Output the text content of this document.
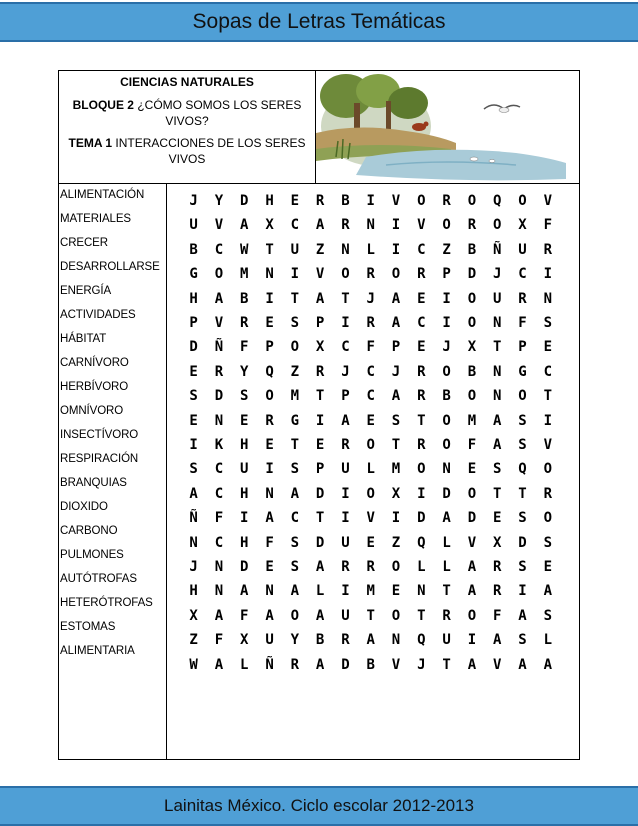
Sopas de Letras Temáticas

CIENCIAS NATURALES

BLOQUE 2 ¿CÓMO SOMOS LOS SERES VIVOS?

TEMA 1 INTERACCIONES DE LOS SERES VIVOS

ALIMENTACIÓN
MATERIALES
CRECER
DESARROLLARSE
ENERGÍA
ACTIVIDADES
HÁBITAT
CARNÍVORO
HERBÍVORO
OMNÍVORO
INSECTÍVORO
RESPIRACIÓN
BRANQUIAS
DIOXIDO
CARBONO
PULMONES
AUTÓTROFAS
HETERÓTROFAS
ESTOMAS
ALIMENTARIA
J	Y	D	H	E	R	B	I	V	O	R	O	Q	O	V
U	V	A	X	C	A	R	N	I	V	O	R	O	X	F
B	C	W	T	U	Z	N	L	I	C	Z	B	Ñ	U	R
G	O	M	N	I	V	O	R	O	R	P	D	J	C	I
H	A	B	I	T	A	T	J	A	E	I	O	U	R	N
P	V	R	E	S	P	I	R	A	C	I	O	N	F	S
D	Ñ	F	P	O	X	C	F	P	E	J	X	T	P	E
E	R	Y	Q	Z	R	J	C	J	R	O	B	N	G	C
S	D	S	O	M	T	P	C	A	R	B	O	N	O	T
E	N	E	R	G	I	A	E	S	T	O	M	A	S	I
I	K	H	E	T	E	R	O	T	R	O	F	A	S	V
S	C	U	I	S	P	U	L	M	O	N	E	S	Q	O
A	C	H	N	A	D	I	O	X	I	D	O	T	T	R
Ñ	F	I	A	C	T	I	V	I	D	A	D	E	S	O
N	C	H	F	S	D	U	E	Z	Q	L	V	X	D	S
J	N	D	E	S	A	R	R	O	L	L	A	R	S	E
H	N	A	N	A	L	I	M	E	N	T	A	R	I	A
X	A	F	A	O	A	U	T	O	T	R	O	F	A	S
Z	F	X	U	Y	B	R	A	N	Q	U	I	A	S	L
W	A	L	Ñ	R	A	D	B	V	J	T	A	V	A	A
Lainitas México. Ciclo escolar 2012-2013
